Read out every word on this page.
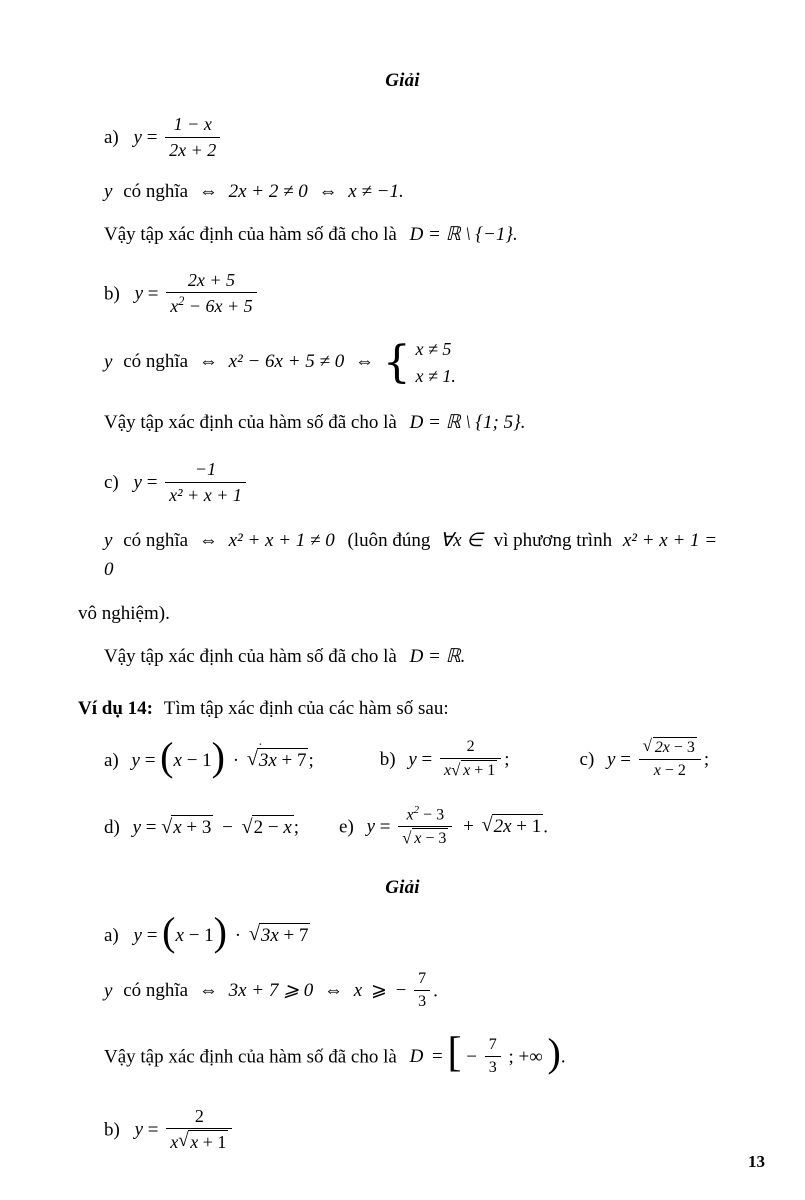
Giải
a) $y = \frac{1 - x}{2x + 2}$
y có nghĩa ⇔ 2x + 2 ≠ 0 ⇔ x ≠ −1.
Vậy tập xác định của hàm số đã cho là D = ℝ \ {−1}.
b) $y = \frac{2x + 5}{x^2 - 6x + 5}$
y có nghĩa ⇔ x² − 6x + 5 ≠ 0 ⇔ { x ≠ 5
x ≠ 1.
Vậy tập xác định của hàm số đã cho là D = ℝ \ {1; 5}.
c) $y = \frac{-1}{\text{x² + x + 1}}$
y có nghĩa ⇔ x² + x + 1 ≠ 0 (luôn đúng ∀x ∈ vì phương trình x² + x + 1 = 0
vô nghiệm).
Vậy tập xác định của hàm số đã cho là D = ℝ.
Ví dụ 14: Tìm tập xác định của các hàm số sau:
a) y = (x − 1) · √ 3x + 7 ;	b) $y = \frac{2}{x √ x + 1}$ ;	c) $y = \frac{√ 2x - 3}{x - 2}$ ;
d) y = √ x + 3 − √ 2 − x ; e) $y = \frac{x^2 - 3}{√ x - 3}$ + √ 2x + 1 .
Giải
a) y = (x − 1) · √ 3x + 7
y có nghĩa ⇔ 3x + 7 ⩾ 0 ⇔ x ⩾ − $\frac{7}{3}$ .
Vậy tập xác định của hàm số đã cho là D = [ − $\frac{7}{3}$ ; +∞ ).
b) $y = \frac{2}{x √ x + 1}$
·
13
